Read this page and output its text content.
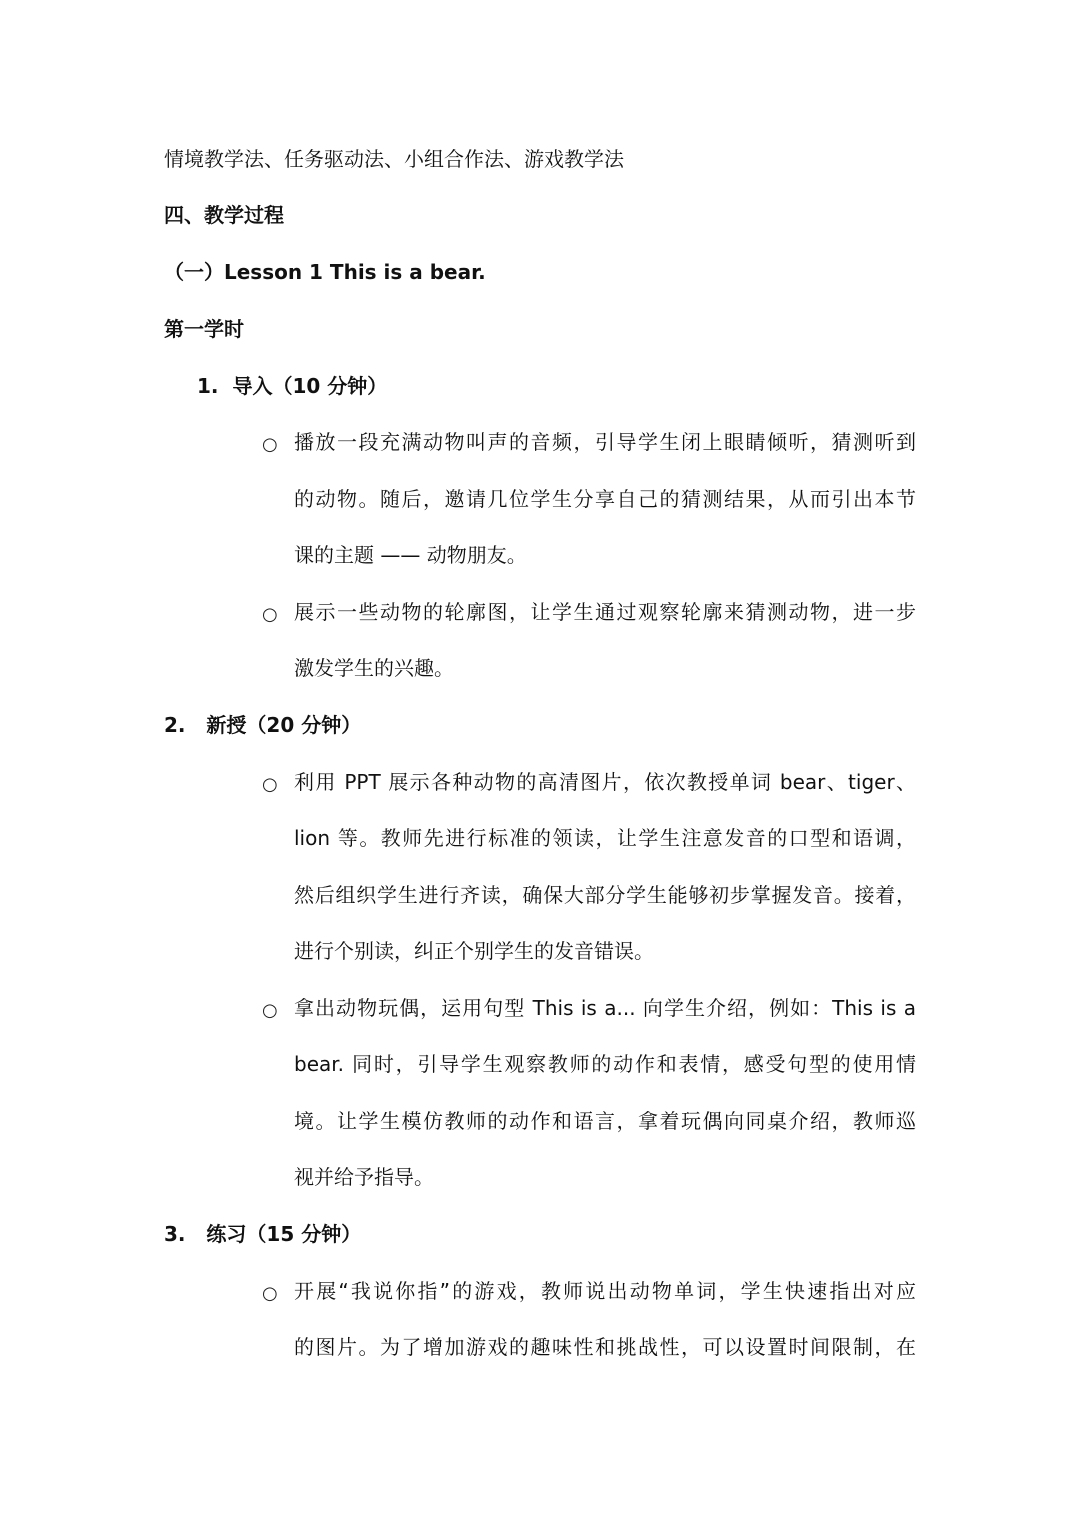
情境教学法、任务驱动法、小组合作法、游戏教学法
四、教学过程
（一）Lesson 1 This is a bear.
第一学时
1. 导入（10 分钟）
○ 播放一段充满动物叫声的音频，引导学生闭上眼睛倾听，猜测听到
的动物。随后，邀请几位学生分享自己的猜测结果，从而引出本节
课的主题 —— 动物朋友。
○ 展示一些动物的轮廓图，让学生通过观察轮廓来猜测动物，进一步
激发学生的兴趣。
2. 新授（20 分钟）
○ 利用 PPT 展示各种动物的高清图片，依次教授单词 bear、tiger、
lion 等。教师先进行标准的领读，让学生注意发音的口型和语调，
然后组织学生进行齐读，确保大部分学生能够初步掌握发音。接着，
进行个别读，纠正个别学生的发音错误。
○ 拿出动物玩偶，运用句型 This is a... 向学生介绍，例如：This is a
bear. 同时，引导学生观察教师的动作和表情，感受句型的使用情
境。让学生模仿教师的动作和语言，拿着玩偶向同桌介绍，教师巡
视并给予指导。
3. 练习（15 分钟）
○ 开展“我说你指”的游戏，教师说出动物单词，学生快速指出对应
的图片。为了增加游戏的趣味性和挑战性，可以设置时间限制，在
